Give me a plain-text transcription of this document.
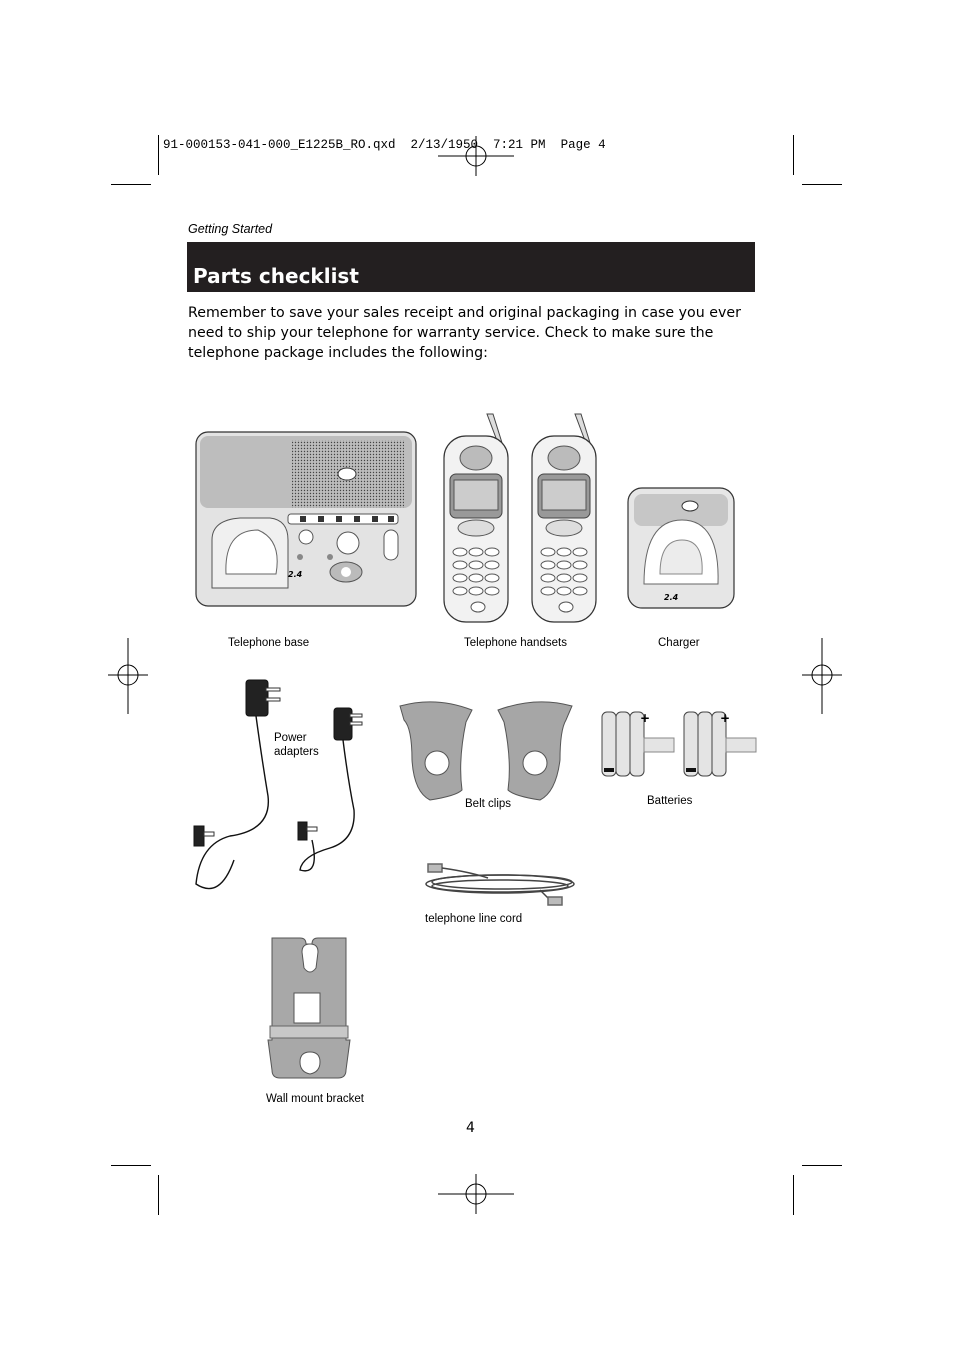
91-000153-041-000_E1225B_RO.qxd  2/13/1950  7:21 PM  Page 4
Getting Started
Parts checklist
Remember to save your sales receipt and original packaging in case you ever need to ship your telephone for warranty service. Check to make sure the telephone package includes the following:
2.4
2.4
+	+
Telephone base	Telephone handsets	Charger
Power
adapters
Belt clips	Batteries
telephone line cord
Wall mount bracket
4
